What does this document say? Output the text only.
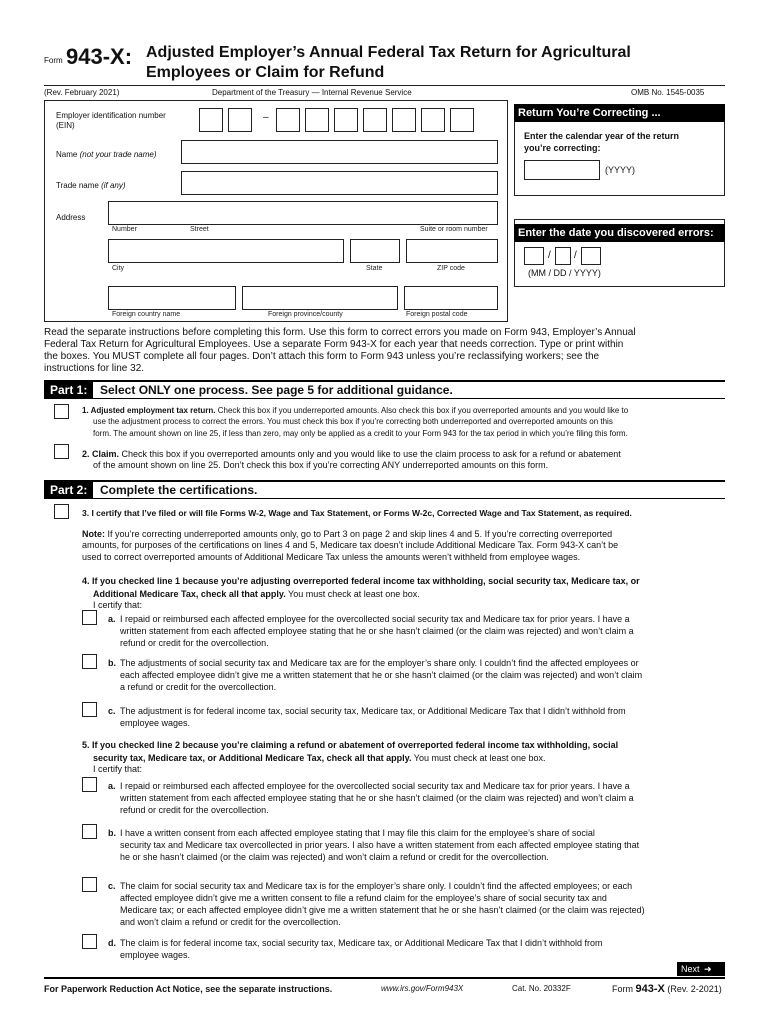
Form 943-X: Adjusted Employer’s Annual Federal Tax Return for Agricultural
Employees or Claim for Refund
(Rev. February 2021)	Department of the Treasury — Internal Revenue Service	OMB No. 1545-0035
Employer identification number
(EIN)
–
Name (not your trade name)
Trade name (if any)
Address
Number	Street	Suite or room number
City	State	ZIP code
Foreign country name	Foreign province/county	Foreign postal code
Return You’re Correcting ...
Enter the calendar year of the return
you’re correcting:
(YYYY)
Enter the date you discovered errors:
/ /
(MM / DD / YYYY)
Read the separate instructions before completing this form. Use this form to correct errors you made on Form 943, Employer’s Annual
Federal Tax Return for Agricultural Employees. Use a separate Form 943-X for each year that needs correction. Type or print within
the boxes. You MUST complete all four pages. Don’t attach this form to Form 943 unless you’re reclassifying workers; see the
instructions for line 32.
Part 1:	Select ONLY one process. See page 5 for additional guidance.
1. Adjusted employment tax return. Check this box if you underreported amounts. Also check this box if you overreported amounts and you would like to
use the adjustment process to correct the errors. You must check this box if you’re correcting both underreported and overreported amounts on this
form. The amount shown on line 25, if less than zero, may only be applied as a credit to your Form 943 for the tax period in which you’re filing this form.
2. Claim. Check this box if you overreported amounts only and you would like to use the claim process to ask for a refund or abatement
of the amount shown on line 25. Don’t check this box if you’re correcting ANY underreported amounts on this form.
Part 2:	Complete the certifications.
3. I certify that I’ve filed or will file Forms W-2, Wage and Tax Statement, or Forms W-2c, Corrected Wage and Tax Statement, as required.
Note: If you’re correcting underreported amounts only, go to Part 3 on page 2 and skip lines 4 and 5. If you’re correcting overreported
amounts, for purposes of the certifications on lines 4 and 5, Medicare tax doesn’t include Additional Medicare Tax. Form 943-X can’t be
used to correct overreported amounts of Additional Medicare Tax unless the amounts weren’t withheld from employee wages.
4. If you checked line 1 because you’re adjusting overreported federal income tax withholding, social security tax, Medicare tax, or
Additional Medicare Tax, check all that apply. You must check at least one box.
I certify that:
a. I repaid or reimbursed each affected employee for the overcollected social security tax and Medicare tax for prior years. I have a
written statement from each affected employee stating that he or she hasn’t claimed (or the claim was rejected) and won’t claim a
refund or credit for the overcollection.
b. The adjustments of social security tax and Medicare tax are for the employer’s share only. I couldn’t find the affected employees or
each affected employee didn’t give me a written statement that he or she hasn’t claimed (or the claim was rejected) and won’t claim
a refund or credit for the overcollection.
c. The adjustment is for federal income tax, social security tax, Medicare tax, or Additional Medicare Tax that I didn’t withhold from
employee wages.
5. If you checked line 2 because you’re claiming a refund or abatement of overreported federal income tax withholding, social
security tax, Medicare tax, or Additional Medicare Tax, check all that apply. You must check at least one box.
I certify that:
a. I repaid or reimbursed each affected employee for the overcollected social security tax and Medicare tax for prior years. I have a
written statement from each affected employee stating that he or she hasn’t claimed (or the claim was rejected) and won’t claim a
refund or credit for the overcollection.
b. I have a written consent from each affected employee stating that I may file this claim for the employee’s share of social
security tax and Medicare tax overcollected in prior years. I also have a written statement from each affected employee stating that
he or she hasn’t claimed (or the claim was rejected) and won’t claim a refund or credit for the overcollection.
c. The claim for social security tax and Medicare tax is for the employer’s share only. I couldn’t find the affected employees; or each
affected employee didn’t give me a written consent to file a refund claim for the employee’s share of social security tax and
Medicare tax; or each affected employee didn’t give me a written statement that he or she hasn’t claimed (or the claim was rejected)
and won’t claim a refund or credit for the overcollection.
d. The claim is for federal income tax, social security tax, Medicare tax, or Additional Medicare Tax that I didn’t withhold from
employee wages.
Next ➜
For Paperwork Reduction Act Notice, see the separate instructions.	www.irs.gov/Form943X	Cat. No. 20332F	Form 943-X (Rev. 2-2021)
